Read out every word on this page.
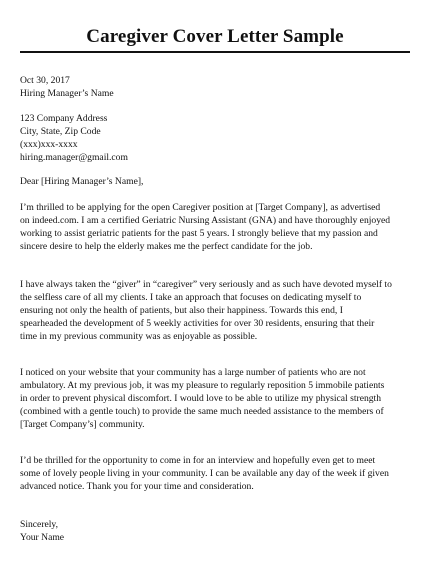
Caregiver Cover Letter Sample
Oct 30, 2017
Hiring Manager’s Name
123 Company Address
City, State, Zip Code
(xxx)xxx-xxxx
hiring.manager@gmail.com
Dear [Hiring Manager’s Name],
I’m thrilled to be applying for the open Caregiver position at [Target Company], as advertised
on indeed.com. I am a certified Geriatric Nursing Assistant (GNA) and have thoroughly enjoyed
working to assist geriatric patients for the past 5 years. I strongly believe that my passion and
sincere desire to help the elderly makes me the perfect candidate for the job.
I have always taken the “giver” in “caregiver” very seriously and as such have devoted myself to
the selfless care of all my clients. I take an approach that focuses on dedicating myself to
ensuring not only the health of patients, but also their happiness. Towards this end, I
spearheaded the development of 5 weekly activities for over 30 residents, ensuring that their
time in my previous community was as enjoyable as possible.
I noticed on your website that your community has a large number of patients who are not
ambulatory. At my previous job, it was my pleasure to regularly reposition 5 immobile patients
in order to prevent physical discomfort. I would love to be able to utilize my physical strength
(combined with a gentle touch) to provide the same much needed assistance to the members of
[Target Company’s] community.
I’d be thrilled for the opportunity to come in for an interview and hopefully even get to meet
some of lovely people living in your community. I can be available any day of the week if given
advanced notice. Thank you for your time and consideration.
Sincerely,
Your Name
